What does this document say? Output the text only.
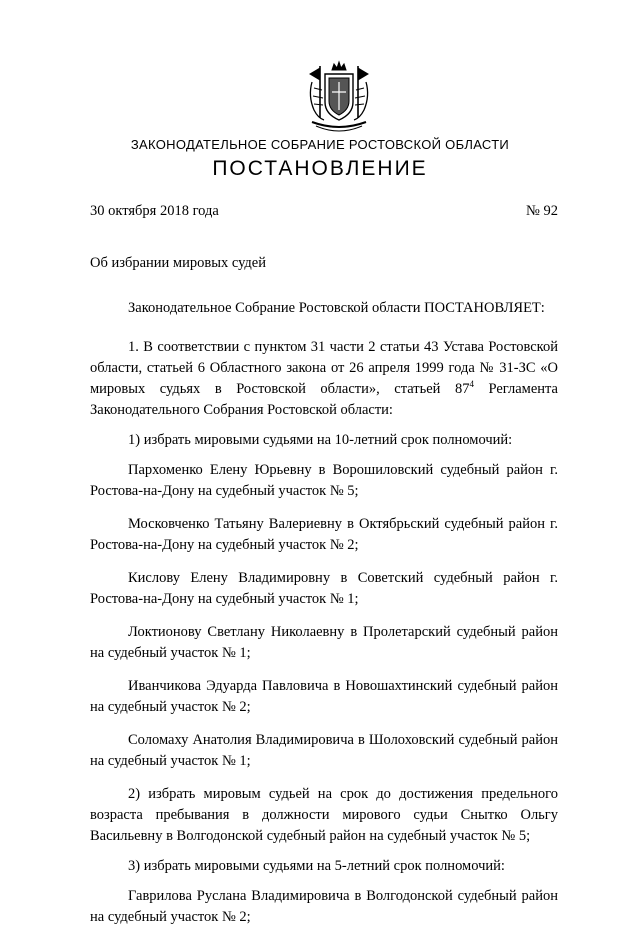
ЗАКОНОДАТЕЛЬНОЕ СОБРАНИЕ РОСТОВСКОЙ ОБЛАСТИ
ПОСТАНОВЛЕНИЕ
30 октября 2018 года	№ 92
Об избрании мировых судей

Законодательное Собрание Ростовской области ПОСТАНОВЛЯЕТ:

1. В соответствии с пунктом 31 части 2 статьи 43 Устава Ростовской области, статьей 6 Областного закона от 26 апреля 1999 года № 31-ЗС «О мировых судьях в Ростовской области», статьей $87^4$ Регламента Законодательного Собрания Ростовской области:

1) избрать мировыми судьями на 10-летний срок полномочий:

Пархоменко Елену Юрьевну в Ворошиловский судебный район г. Ростова-на-Дону на судебный участок № 5;

Московченко Татьяну Валериевну в Октябрьский судебный район г. Ростова-на-Дону на судебный участок № 2;

Кислову Елену Владимировну в Советский судебный район г. Ростова-на-Дону на судебный участок № 1;

Локтионову Светлану Николаевну в Пролетарский судебный район на судебный участок № 1;

Иванчикова Эдуарда Павловича в Новошахтинский судебный район на судебный участок № 2;

Соломаху Анатолия Владимировича в Шолоховский судебный район на судебный участок № 1;

2) избрать мировым судьей на срок до достижения предельного возраста пребывания в должности мирового судьи Снытко Ольгу Васильевну в Волгодонской судебный район на судебный участок № 5;

3) избрать мировыми судьями на 5-летний срок полномочий:

Гаврилова Руслана Владимировича в Волгодонской судебный район на судебный участок № 2;
